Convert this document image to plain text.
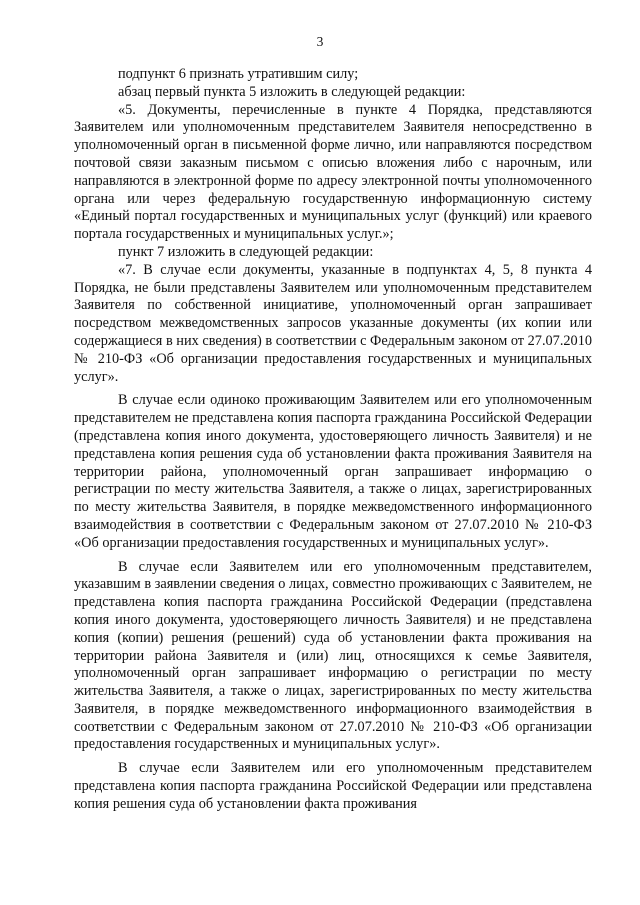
3

подпункт 6 признать утратившим силу;

абзац первый пункта 5 изложить в следующей редакции:

«5. Документы, перечисленные в пункте 4 Порядка, представляются Заявителем или уполномоченным представителем Заявителя непосредственно в уполномоченный орган в письменной форме лично, или направляются посредством почтовой связи заказным письмом с описью вложения либо с нарочным, или направляются в электронной форме по адресу электронной почты уполномоченного органа или через федеральную государственную информационную систему «Единый портал государственных и муниципальных услуг (функций) или краевого портала государственных и муниципальных услуг.»;

пункт 7 изложить в следующей редакции:

«7. В случае если документы, указанные в подпунктах 4, 5, 8 пункта 4 Порядка, не были представлены Заявителем или уполномоченным представителем Заявителя по собственной инициативе, уполномоченный орган запрашивает посредством межведомственных запросов указанные документы (их копии или содержащиеся в них сведения) в соответствии с Федеральным законом от 27.07.2010 № 210-ФЗ «Об организации предоставления государственных и муниципальных услуг».

В случае если одиноко проживающим Заявителем или его уполномоченным представителем не представлена копия паспорта гражданина Российской Федерации (представлена копия иного документа, удостоверяющего личность Заявителя) и не представлена копия решения суда об установлении факта проживания Заявителя на территории района, уполномоченный орган запрашивает информацию о регистрации по месту жительства Заявителя, а также о лицах, зарегистрированных по месту жительства Заявителя, в порядке межведомственного информационного взаимодействия в соответствии с Федеральным законом от 27.07.2010 № 210-ФЗ «Об организации предоставления государственных и муниципальных услуг».

В случае если Заявителем или его уполномоченным представителем, указавшим в заявлении сведения о лицах, совместно проживающих с Заявителем, не представлена копия паспорта гражданина Российской Федерации (представлена копия иного документа, удостоверяющего личность Заявителя) и не представлена копия (копии) решения (решений) суда об установлении факта проживания на территории района Заявителя и (или) лиц, относящихся к семье Заявителя, уполномоченный орган запрашивает информацию о регистрации по месту жительства Заявителя, а также о лицах, зарегистрированных по месту жительства Заявителя, в порядке межведомственного информационного взаимодействия в соответствии с Федеральным законом от 27.07.2010 № 210-ФЗ «Об организации предоставления государственных и муниципальных услуг».

В случае если Заявителем или его уполномоченным представителем представлена копия паспорта гражданина Российской Федерации или представлена копия решения суда об установлении факта проживания
